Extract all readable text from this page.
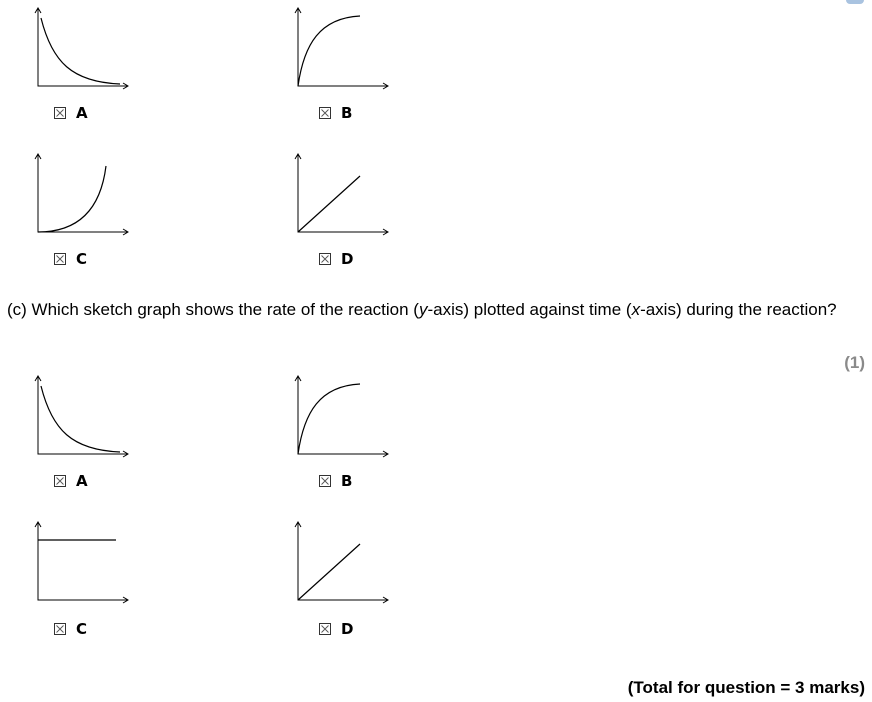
A	B
C	D

(c) Which sketch graph shows the rate of the reaction (y-axis) plotted against time (x-axis) during the reaction?

(1)
A	B
C	D
(Total for question = 3 marks)
